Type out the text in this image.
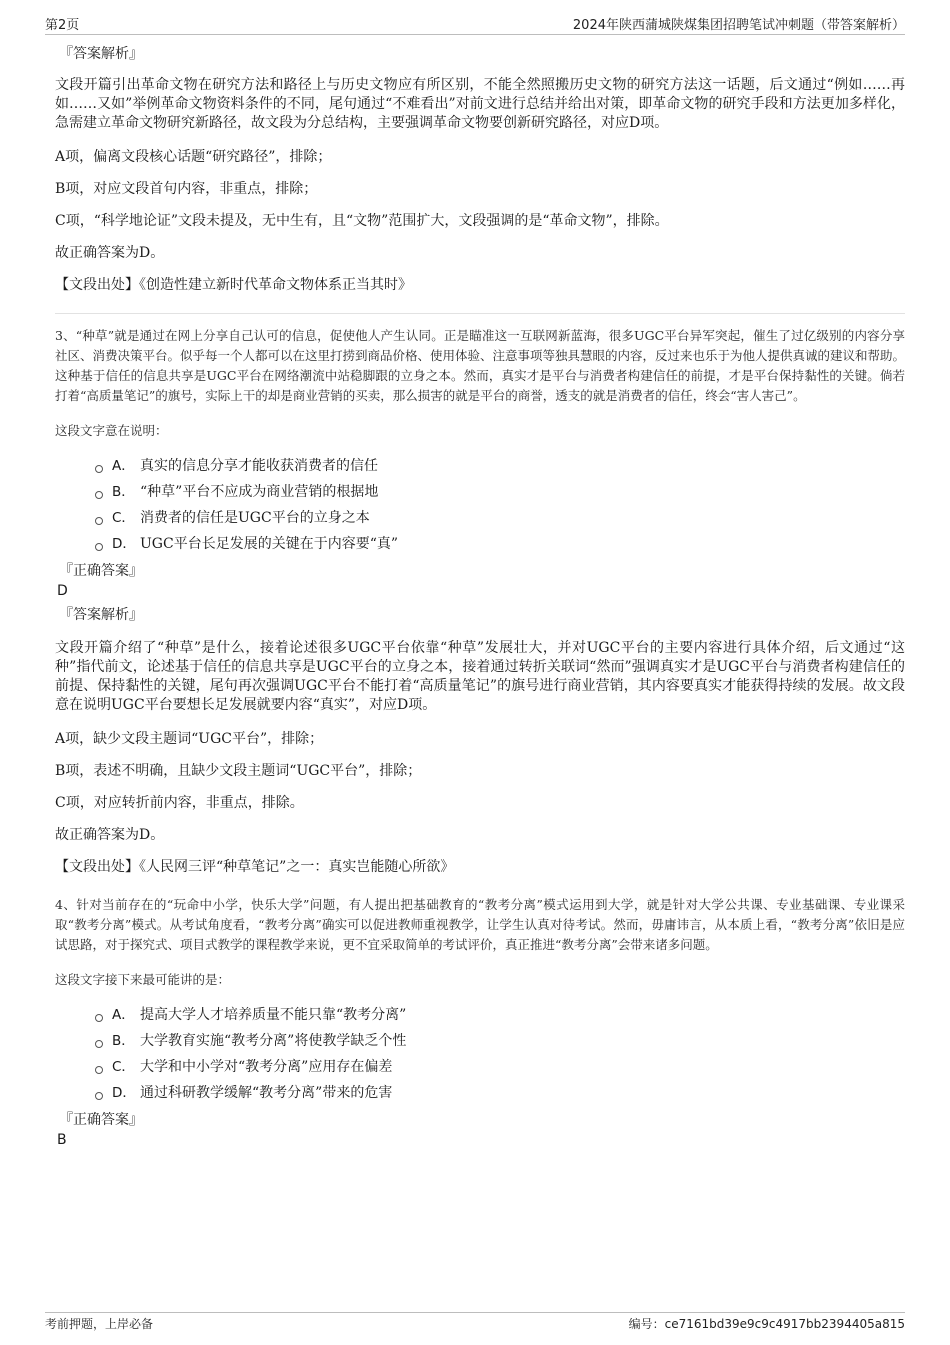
第2页	2024年陕西蒲城陕煤集团招聘笔试冲刺题（带答案解析）
『答案解析』

文段开篇引出革命文物在研究方法和路径上与历史文物应有所区别，不能全然照搬历史文物的研究方法这一话题，后文通过“例如……再如……又如”举例革命文物资料条件的不同，尾句通过“不难看出”对前文进行总结并给出对策，即革命文物的研究手段和方法更加多样化，急需建立革命文物研究新路径，故文段为分总结构，主要强调革命文物要创新研究路径，对应D项。

A项，偏离文段核心话题“研究路径”，排除；

B项，对应文段首句内容，非重点，排除；

C项，“科学地论证”文段未提及，无中生有，且“文物”范围扩大，文段强调的是“革命文物”，排除。

故正确答案为D。

【文段出处】《创造性建立新时代革命文物体系正当其时》

3、“种草”就是通过在网上分享自己认可的信息，促使他人产生认同。正是瞄准这一互联网新蓝海，很多UGC平台异军突起，催生了过亿级别的内容分享社区、消费决策平台。似乎每一个人都可以在这里打捞到商品价格、使用体验、注意事项等独具慧眼的内容，反过来也乐于为他人提供真诚的建议和帮助。这种基于信任的信息共享是UGC平台在网络潮流中站稳脚跟的立身之本。然而，真实才是平台与消费者构建信任的前提，才是平台保持黏性的关键。倘若打着“高质量笔记”的旗号，实际上干的却是商业营销的买卖，那么损害的就是平台的商誉，透支的就是消费者的信任，终会“害人害己”。

这段文字意在说明：

A． 真实的信息分享才能收获消费者的信任
B． “种草”平台不应成为商业营销的根据地
C． 消费者的信任是UGC平台的立身之本
D． UGC平台长足发展的关键在于内容要“真”
『正确答案』
D
『答案解析』

文段开篇介绍了“种草”是什么，接着论述很多UGC平台依靠“种草”发展壮大，并对UGC平台的主要内容进行具体介绍，后文通过“这种”指代前文，论述基于信任的信息共享是UGC平台的立身之本，接着通过转折关联词“然而”强调真实才是UGC平台与消费者构建信任的前提、保持黏性的关键，尾句再次强调UGC平台不能打着“高质量笔记”的旗号进行商业营销，其内容要真实才能获得持续的发展。故文段意在说明UGC平台要想长足发展就要内容“真实”，对应D项。

A项，缺少文段主题词“UGC平台”，排除；

B项，表述不明确，且缺少文段主题词“UGC平台”，排除；

C项，对应转折前内容，非重点，排除。

故正确答案为D。

【文段出处】《人民网三评“种草笔记”之一：真实岂能随心所欲》

4、针对当前存在的“玩命中小学，快乐大学”问题，有人提出把基础教育的“教考分离”模式运用到大学，就是针对大学公共课、专业基础课、专业课采取“教考分离”模式。从考试角度看，“教考分离”确实可以促进教师重视教学，让学生认真对待考试。然而，毋庸讳言，从本质上看，“教考分离”依旧是应试思路，对于探究式、项目式教学的课程教学来说，更不宜采取简单的考试评价，真正推进“教考分离”会带来诸多问题。

这段文字接下来最可能讲的是：

A． 提高大学人才培养质量不能只靠“教考分离”
B． 大学教育实施“教考分离”将使教学缺乏个性
C． 大学和中小学对“教考分离”应用存在偏差
D． 通过科研教学缓解“教考分离”带来的危害
『正确答案』
B
考前押题，上岸必备	编号：ce7161bd39e9c9c4917bb2394405a815
